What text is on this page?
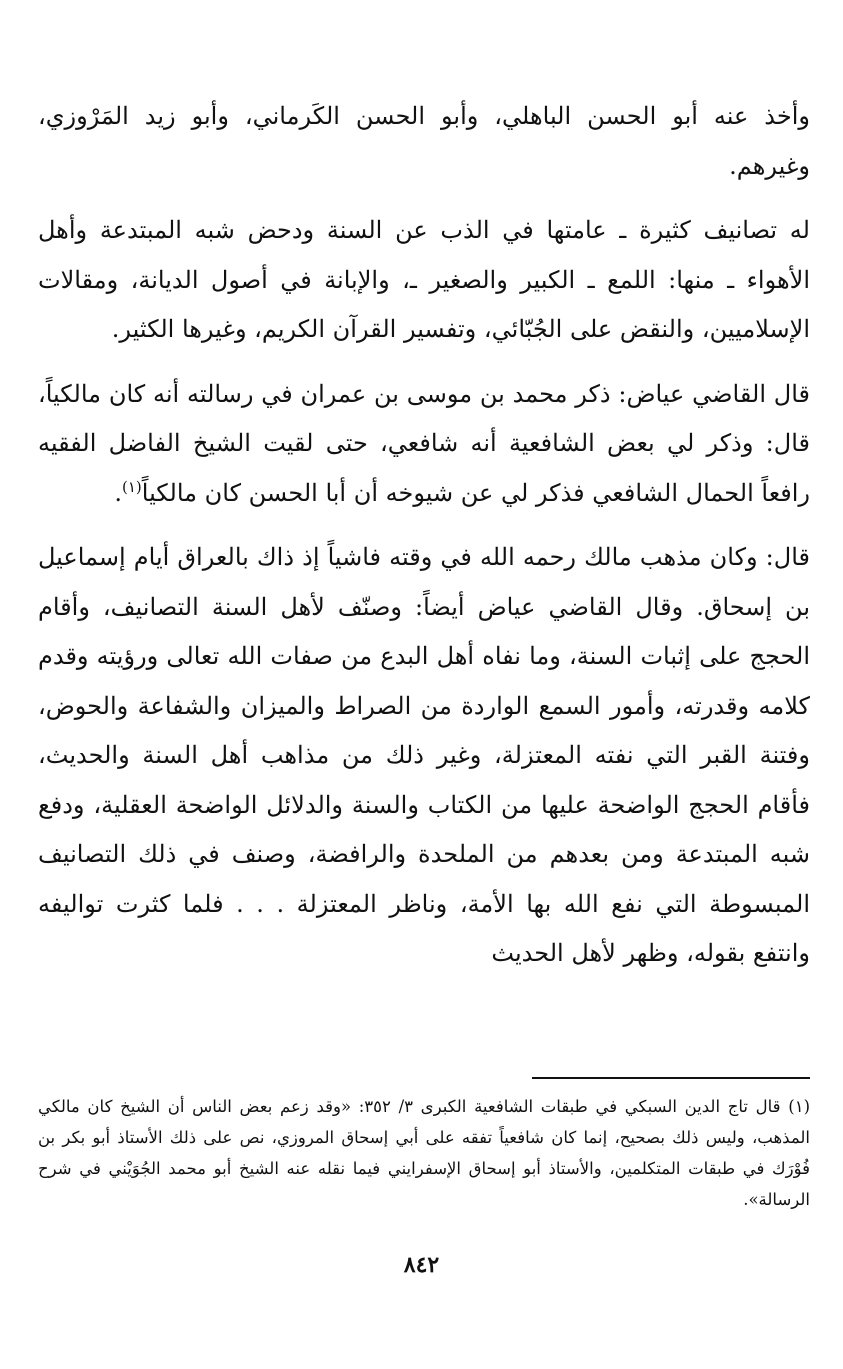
وأخذ عنه أبو الحسن الباهلي، وأبو الحسن الكَرماني، وأبو زيد المَرْوزي، وغيرهم.

له تصانيف كثيرة ـ عامتها في الذب عن السنة ودحض شبه المبتدعة وأهل الأهواء ـ منها: اللمع ـ الكبير والصغير ـ، والإبانة في أصول الديانة، ومقالات الإسلاميين، والنقض على الجُبّائي، وتفسير القرآن الكريم، وغيرها الكثير.

قال القاضي عياض: ذكر محمد بن موسى بن عمران في رسالته أنه كان مالكياً، قال: وذكر لي بعض الشافعية أنه شافعي، حتى لقيت الشيخ الفاضل الفقيه رافعاً الحمال الشافعي فذكر لي عن شيوخه أن أبا الحسن كان مالكياً$^{(١)}$.

قال: وكان مذهب مالك رحمه الله في وقته فاشياً إذ ذاك بالعراق أيام إسماعيل بن إسحاق. وقال القاضي عياض أيضاً: وصنّف لأهل السنة التصانيف، وأقام الحجج على إثبات السنة، وما نفاه أهل البدع من صفات الله تعالى ورؤيته وقدم كلامه وقدرته، وأمور السمع الواردة من الصراط والميزان والشفاعة والحوض، وفتنة القبر التي نفته المعتزلة، وغير ذلك من مذاهب أهل السنة والحديث، فأقام الحجج الواضحة عليها من الكتاب والسنة والدلائل الواضحة العقلية، ودفع شبه المبتدعة ومن بعدهم من الملحدة والرافضة، وصنف في ذلك التصانيف المبسوطة التي نفع الله بها الأمة، وناظر المعتزلة . . . فلما كثرت تواليفه وانتفع بقوله، وظهر لأهل الحديث

(١) قال تاج الدين السبكي في طبقات الشافعية الكبرى ٣/ ٣٥٢: «وقد زعم بعض الناس أن الشيخ كان مالكي المذهب، وليس ذلك بصحيح، إنما كان شافعياً تفقه على أبي إسحاق المروزي، نص على ذلك الأستاذ أبو بكر بن فُوْرَك في طبقات المتكلمين، والأستاذ أبو إسحاق الإسفرايني فيما نقله عنه الشيخ أبو محمد الجُوَيْني في شرح الرسالة».

٨٤٢
